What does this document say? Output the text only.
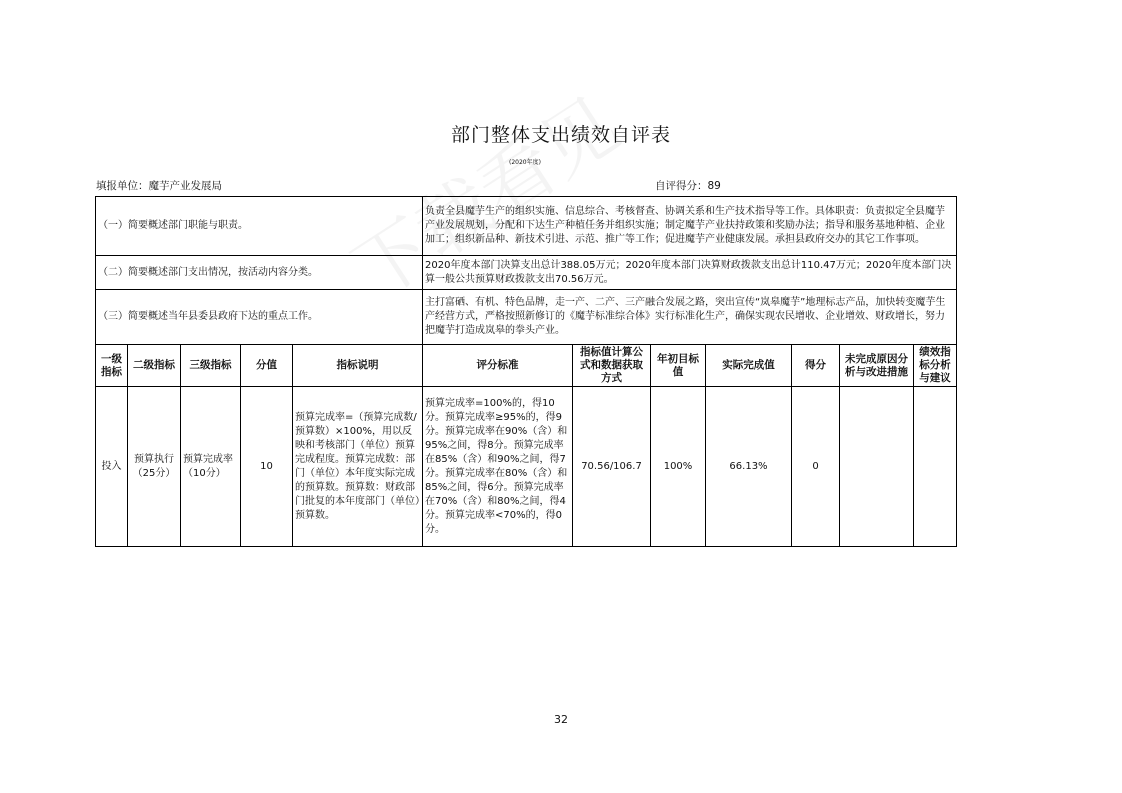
部门整体支出绩效自评表
(2020年度)
填报单位：魔芋产业发展局	自评得分：89
（一）简要概述部门职能与职责。					负责全县魔芋生产的组织实施、信息综合、考核督查、协调关系和生产技术指导等工作。具体职责：负责拟定全县魔芋产业发展规划，分配和下达生产种植任务并组织实施；制定魔芋产业扶持政策和奖励办法；指导和服务基地种植、企业加工；组织新品种、新技术引进、示范、推广等工作；促进魔芋产业健康发展。承担县政府交办的其它工作事项。						
（二）简要概述部门支出情况，按活动内容分类。					2020年度本部门决算支出总计388.05万元；2020年度本部门决算财政拨款支出总计110.47万元；2020年度本部门决算一般公共预算财政拨款支出70.56万元。						
（三）简要概述当年县委县政府下达的重点工作。					主打富硒、有机、特色品牌，走一产、二产、三产融合发展之路，突出宣传“岚皋魔芋”地理标志产品，加快转变魔芋生产经营方式，严格按照新修订的《魔芋标准综合体》实行标准化生产，确保实现农民增收、企业增效、财政增长，努力把魔芋打造成岚皋的拳头产业。						
一级指标	二级指标	三级指标	分值	指标说明	评分标准	指标值计算公式和数据获取方式	年初目标值	实际完成值	得分	未完成原因分析与改进措施	绩效指标分析与建议
投入	预算执行（25分）	预算完成率（10分）	10	预算完成率=（预算完成数/预算数）×100%，用以反映和考核部门（单位）预算完成程度。预算完成数：部门（单位）本年度实际完成的预算数。预算数：财政部门批复的本年度部门（单位）预算数。	预算完成率=100%的，得10分。预算完成率≥95%的，得9分。预算完成率在90%（含）和95%之间，得8分。预算完成率在85%（含）和90%之间，得7分。预算完成率在80%（含）和85%之间，得6分。预算完成率在70%（含）和80%之间，得4分。预算完成率<70%的，得0分。	70.56/106.7	100%	66.13%	0		
32
